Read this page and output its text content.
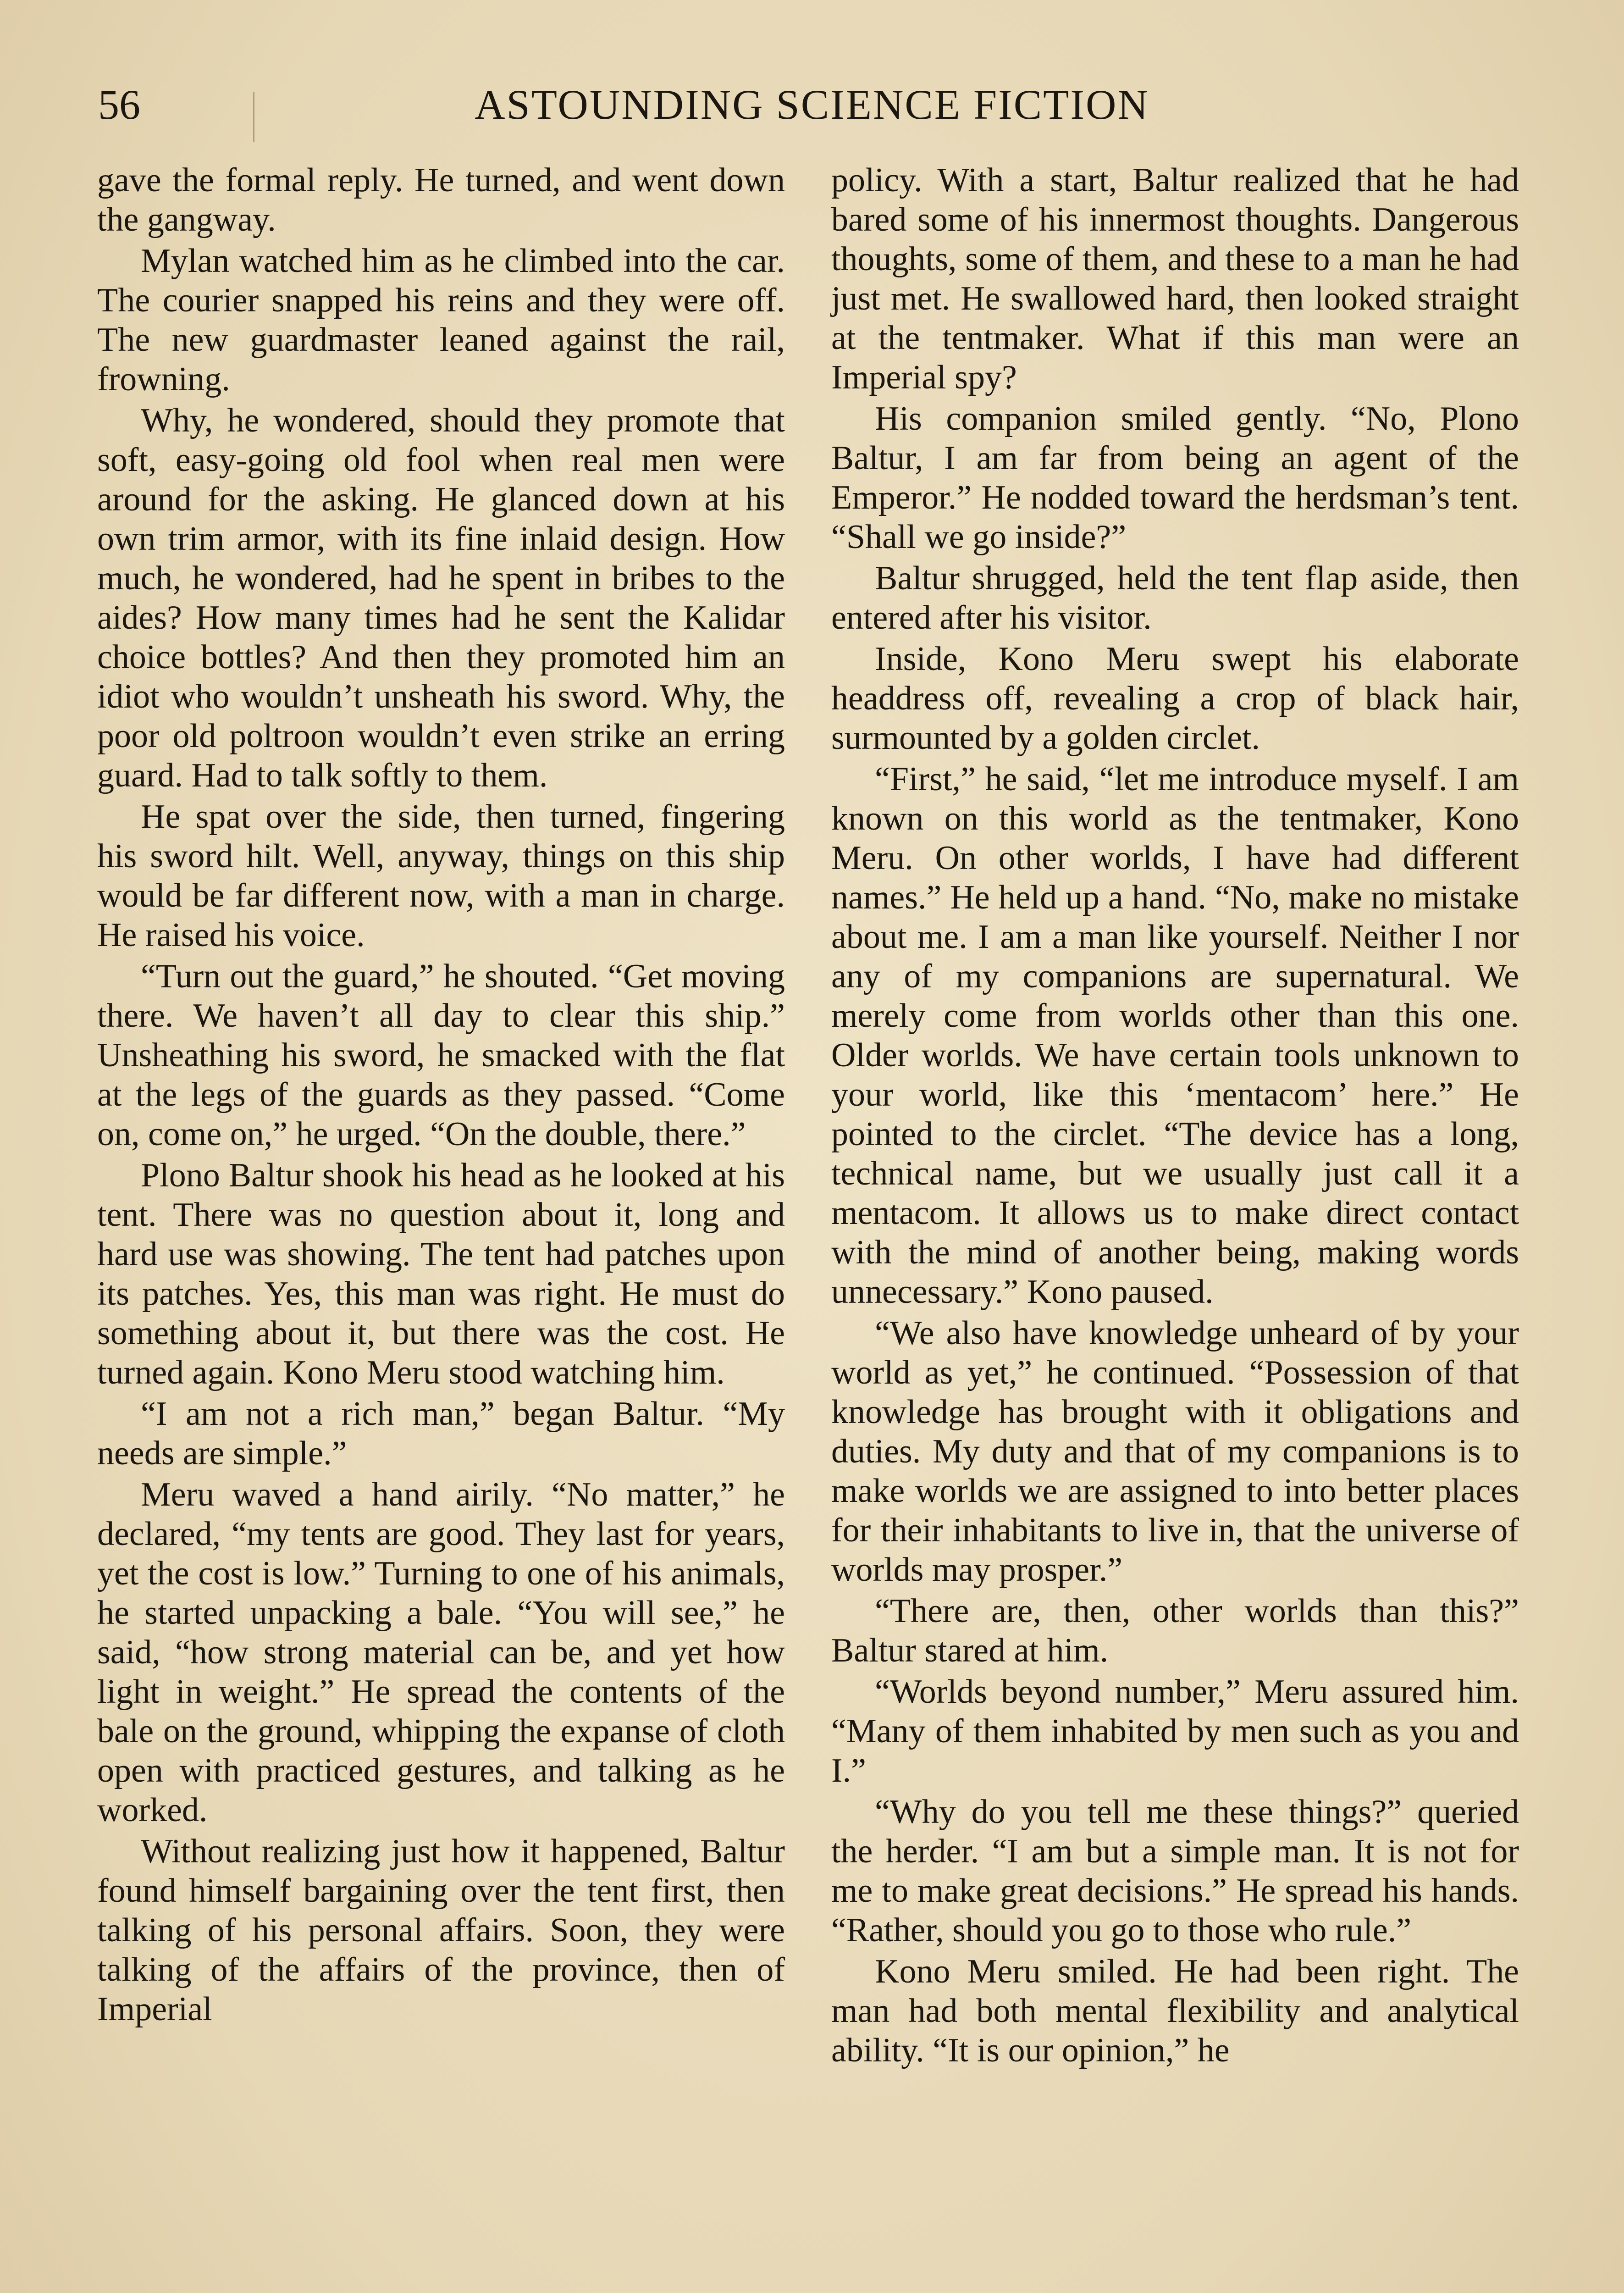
56	ASTOUNDING SCIENCE FICTION

gave the formal reply. He turned, and went down the gangway.

Mylan watched him as he climbed into the car. The courier snapped his reins and they were off. The new guardmaster leaned against the rail, frowning.

Why, he wondered, should they promote that soft, easy-going old fool when real men were around for the asking. He glanced down at his own trim armor, with its fine inlaid design. How much, he wondered, had he spent in bribes to the aides? How many times had he sent the Kalidar choice bottles? And then they promoted him an idiot who wouldn’t unsheath his sword. Why, the poor old poltroon wouldn’t even strike an erring guard. Had to talk softly to them.

He spat over the side, then turned, fingering his sword hilt. Well, anyway, things on this ship would be far different now, with a man in charge. He raised his voice.

“Turn out the guard,” he shouted. “Get moving there. We haven’t all day to clear this ship.” Unsheathing his sword, he smacked with the flat at the legs of the guards as they passed. “Come on, come on,” he urged. “On the double, there.”

Plono Baltur shook his head as he looked at his tent. There was no question about it, long and hard use was showing. The tent had patches upon its patches. Yes, this man was right. He must do something about it, but there was the cost. He turned again. Kono Meru stood watching him.

“I am not a rich man,” began Baltur. “My needs are simple.”

Meru waved a hand airily. “No matter,” he declared, “my tents are good. They last for years, yet the cost is low.” Turning to one of his animals, he started unpacking a bale. “You will see,” he said, “how strong material can be, and yet how light in weight.” He spread the contents of the bale on the ground, whipping the expanse of cloth open with practiced gestures, and talking as he worked.

Without realizing just how it happened, Baltur found himself bargaining over the tent first, then talking of his personal affairs. Soon, they were talking of the affairs of the province, then of Imperial

policy. With a start, Baltur realized that he had bared some of his innermost thoughts. Dangerous thoughts, some of them, and these to a man he had just met. He swallowed hard, then looked straight at the tentmaker. What if this man were an Imperial spy?

His companion smiled gently. “No, Plono Baltur, I am far from being an agent of the Emperor.” He nodded toward the herdsman’s tent. “Shall we go inside?”

Baltur shrugged, held the tent flap aside, then entered after his visitor.

Inside, Kono Meru swept his elaborate headdress off, revealing a crop of black hair, surmounted by a golden circlet.

“First,” he said, “let me introduce myself. I am known on this world as the tentmaker, Kono Meru. On other worlds, I have had different names.” He held up a hand. “No, make no mistake about me. I am a man like yourself. Neither I nor any of my companions are supernatural. We merely come from worlds other than this one. Older worlds. We have certain tools unknown to your world, like this ‘mentacom’ here.” He pointed to the circlet. “The device has a long, technical name, but we usually just call it a mentacom. It allows us to make direct contact with the mind of another being, making words unnecessary.” Kono paused.

“We also have knowledge unheard of by your world as yet,” he continued. “Possession of that knowledge has brought with it obligations and duties. My duty and that of my companions is to make worlds we are assigned to into better places for their inhabitants to live in, that the universe of worlds may prosper.”

“There are, then, other worlds than this?” Baltur stared at him.

“Worlds beyond number,” Meru assured him. “Many of them inhabited by men such as you and I.”

“Why do you tell me these things?” queried the herder. “I am but a simple man. It is not for me to make great decisions.” He spread his hands. “Rather, should you go to those who rule.”

Kono Meru smiled. He had been right. The man had both mental flexibility and analytical ability. “It is our opinion,” he
